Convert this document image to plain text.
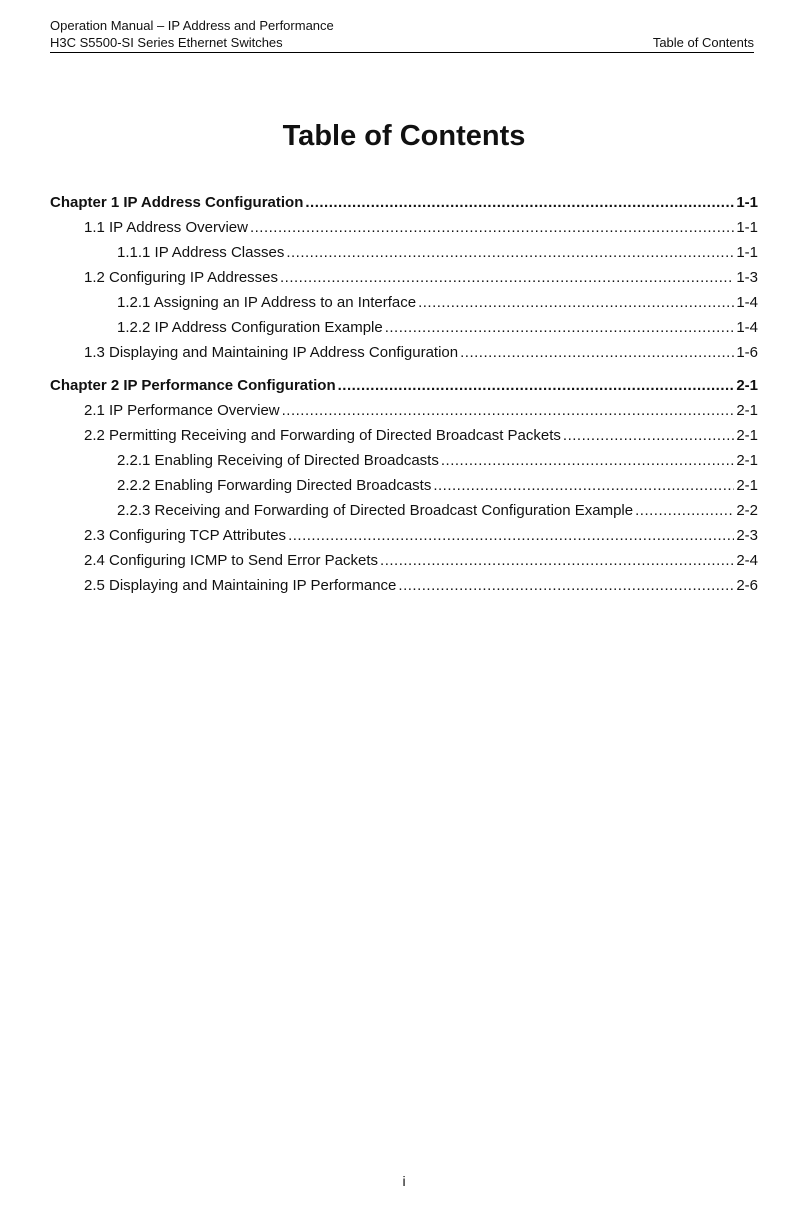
Operation Manual – IP Address and Performance
H3C S5500-SI Series Ethernet Switches	Table of Contents
Table of Contents
Chapter 1 IP Address Configuration .....	1-1
1.1 IP Address Overview .....	1-1
1.1.1 IP Address Classes .....	1-1
1.2 Configuring IP Addresses .....	1-3
1.2.1 Assigning an IP Address to an Interface .....	1-4
1.2.2 IP Address Configuration Example .....	1-4
1.3 Displaying and Maintaining IP Address Configuration .....	1-6
Chapter 2 IP Performance Configuration .....	2-1
2.1 IP Performance Overview .....	2-1
2.2 Permitting Receiving and Forwarding of Directed Broadcast Packets .....	2-1
2.2.1 Enabling Receiving of Directed Broadcasts .....	2-1
2.2.2 Enabling Forwarding Directed Broadcasts .....	2-1
2.2.3 Receiving and Forwarding of Directed Broadcast Configuration Example .....	2-2
2.3 Configuring TCP Attributes .....	2-3
2.4 Configuring ICMP to Send Error Packets .....	2-4
2.5 Displaying and Maintaining IP Performance .....	2-6
i
